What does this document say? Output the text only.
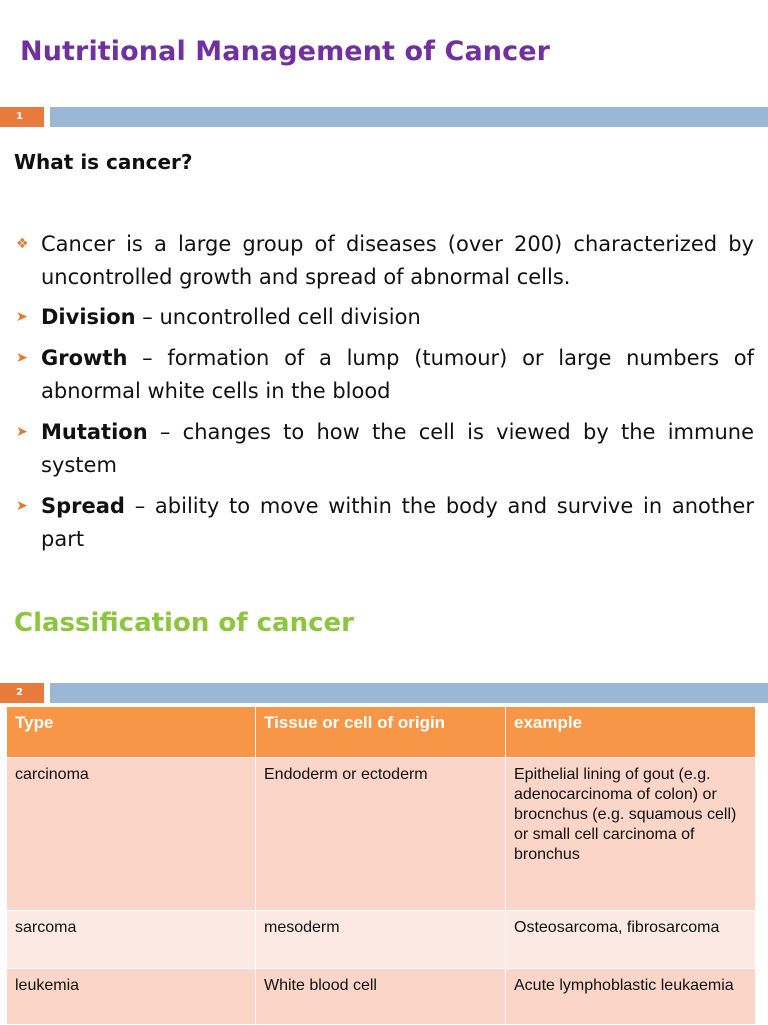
Nutritional Management of Cancer
1
What is cancer?
❖ Cancer is a large group of diseases (over 200) characterized by uncontrolled growth and spread of abnormal cells.
➤ Division – uncontrolled cell division
➤ Growth – formation of a lump (tumour) or large numbers of abnormal white cells in the blood
➤ Mutation – changes to how the cell is viewed by the immune system
➤ Spread – ability to move within the body and survive in another part
Classification of cancer
2
Type	Tissue or cell of origin	example
carcinoma	Endoderm or ectoderm	Epithelial lining of gout (e.g. adenocarcinoma of colon) or brocnchus (e.g. squamous cell) or small cell carcinoma of bronchus
sarcoma	mesoderm	Osteosarcoma, fibrosarcoma
leukemia	White blood cell	Acute lymphoblastic leukaemia
